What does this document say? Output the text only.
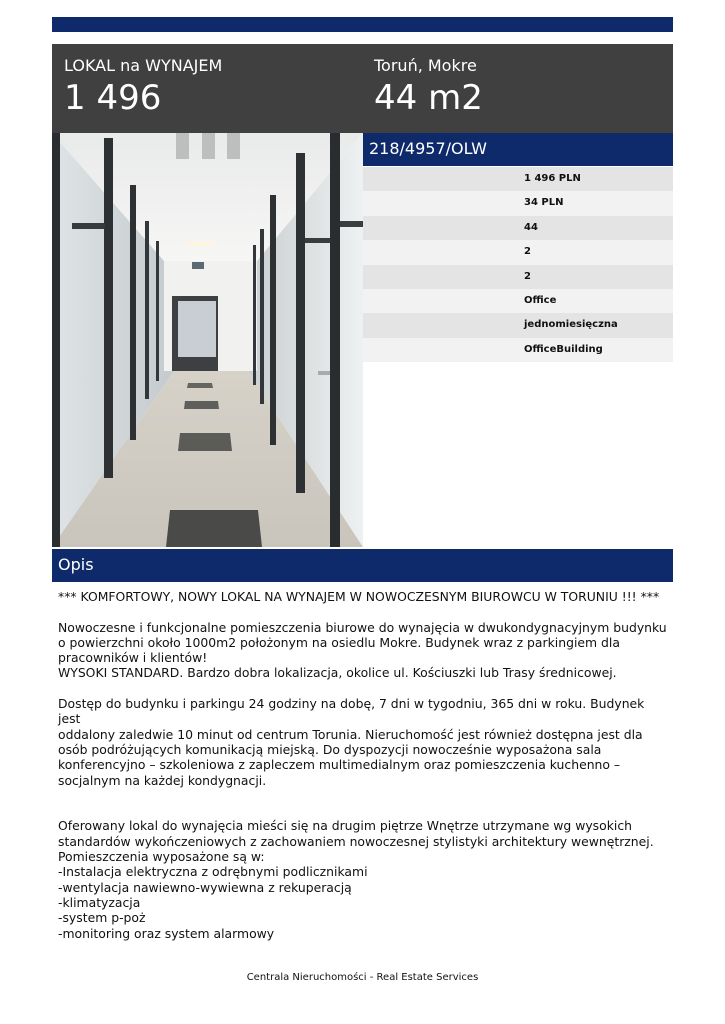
LOKAL na WYNAJEM
1 496
Toruń, Mokre
44 m2
218/4957/OLW
1 496 PLN
34 PLN
44
2
2
Office
jednomiesięczna
OfficeBuilding
Opis

*** KOMFORTOWY, NOWY LOKAL NA WYNAJEM W NOWOCZESNYM BIUROWCU W TORUNIU !!! ***

Nowoczesne i funkcjonalne pomieszczenia biurowe do wynajęcia w dwukondygnacyjnym budynku

o powierzchni około 1000m2 położonym na osiedlu Mokre. Budynek wraz z parkingiem dla

pracowników i klientów!

WYSOKI STANDARD. Bardzo dobra lokalizacja, okolice ul. Kościuszki lub Trasy średnicowej.

Dostęp do budynku i parkingu 24 godziny na dobę, 7 dni w tygodniu, 365 dni w roku. Budynek jest

oddalony zaledwie 10 minut od centrum Torunia. Nieruchomość jest również dostępna jest dla

osób podróżujących komunikacją miejską. Do dyspozycji nowocześnie wyposażona sala

konferencyjno – szkoleniowa z zapleczem multimedialnym oraz pomieszczenia kuchenno –

socjalnym na każdej kondygnacji.

Oferowany lokal do wynajęcia mieści się na drugim piętrze Wnętrze utrzymane wg wysokich

standardów wykończeniowych z zachowaniem nowoczesnej stylistyki architektury wewnętrznej.

Pomieszczenia wyposażone są w:

-Instalacja elektryczna z odrębnymi podlicznikami

-wentylacja nawiewno-wywiewna z rekuperacją

-klimatyzacja

-system p-poż

-monitoring oraz system alarmowy

Centrala Nieruchomości - Real Estate Services
